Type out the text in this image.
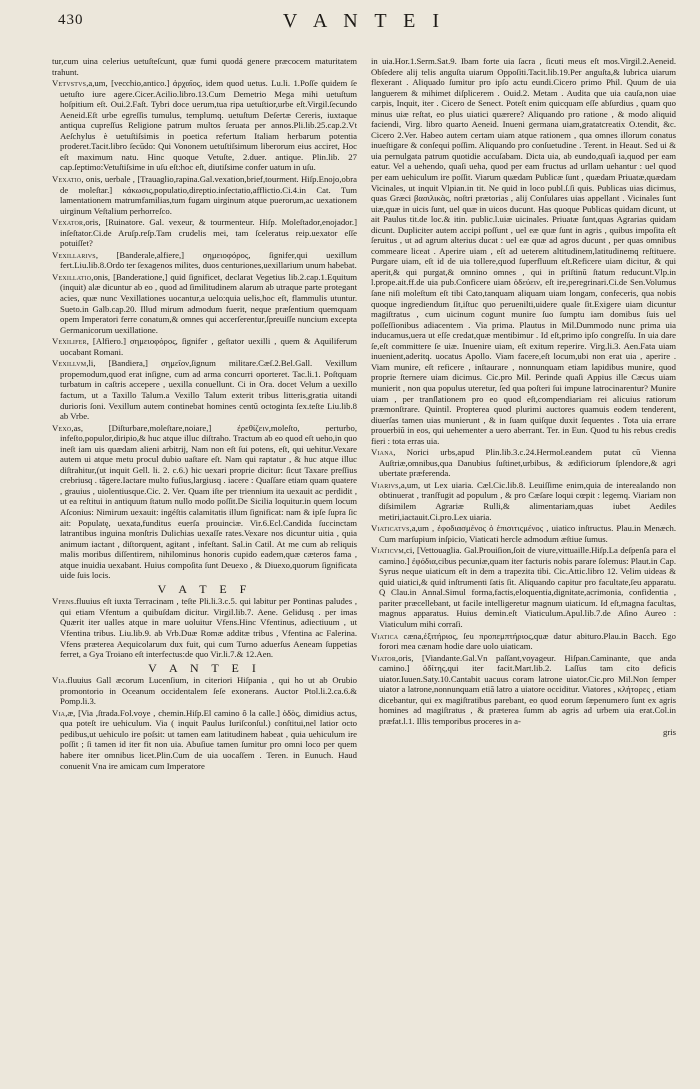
430	V A N T E I

tur,cum uina celerius uetuſteſcunt, quæ fumi quodá genere præcocem maturitatem trahunt.

Vetvstvs,a,um, [vecchio,antico.] ἀρχαῖος, idem quod uetus. Lu.li. 1.Poſſe quidem ſe uetuſto iure agere.Cicer.Acilio.libro.13.Cum Demetrio Mega mihi uetuſtum hoſpitium eſt. Oui.2.Faſt. Tybri doce uerum,tua ripa uetuſtior,urbe eſt.Virgil.ſecundo Aeneid.Eſt urbe egreſſis tumulus, templumq. uetuſtum Deſertæ Cereris, iuxtaque antiqua cupreſſus Religione patrum multos ſeruata per annos.Pli.lib.25.cap.2.Vt Aeſchylus è uetuſtiſsimis in poetica refertum Italiam herbarum potentia proderet.Tacit.libro ſecūdo: Qui Vononem uetuſtiſsimum liberorum eius acciret, Hoc eſt maximum natu. Hinc quoque Vetuſte, 2.duer. antique. Plin.lib. 27 cap.ſeptimo:Vetuſtiſsime in uſu eſt:hoc eſt, diutiſsime confer uatum in uſu.

Vexatio, onis, uerbale , [Trauaglio,rapina.Gal.vexation,brief,tourment. Hiſp.Enojo,obra de moleſtar.] κάκωσις,populatio,direptio.inſectatio,afflictio.Ci.4.in Cat. Tum lamentationem matrumfamilias,tum fugam uirginum atque puerorum,ac uexationem uirginum Veſtalium perhorreſco.

Vexator,oris, [Ruinatore. Gal. vexeur, & tourmenteur. Hiſp. Moleſtador,enojador.] inſeſtator.Ci.de Aruſp.reſp.Tam crudelis mei, tam ſceleratus reip.uexator eſſe potuiſſet?

Vexillarivs, [Banderale,alfiere,] σημειοφόρος, ſignifer,qui uexillum fert.Liu.lib.8.Ordo ter ſexagenos milites, duos centuriones,uexillarium unum habebat.

Vexillatio,onis, [Banderatione,] quid ſignificet, declarat Vegetius lib.2.cap.1.Equitum (inquit) alæ dicuntur ab eo , quod ad ſimilitudinem alarum ab utraque parte protegant acies, quæ nunc Vexillationes uocantur,a uelo:quia uelis,hoc eſt, flammulis utuntur. Sueto.in Galb.cap.20. Illud mirum admodum fuerit, neque præſentium quemquam opem Imperatori ferre conatum,& omnes qui accerſerentur,ſpreuiſſe nuncium excepta Germanicorum uexillatione.

Vexilifer, [Alfiero.] σημειοφόρος, ſignifer , geſtator uexilli , quem & Aquiliferum uocabant Romani.

Vexillvm,li, [Bandiera,] σημεῖον,ſignum militare.Cæſ.2.Bel.Gall. Vexillum propemodum,quod erat inſigne, cum ad arma concurri oporteret. Tac.li.1. Poſtquam turbatum in caſtris accepere , uexilla conuellunt. Ci in Ora. docet Velum a uexillo factum, ut a Taxillo Talum.a Vexillo Talum exterit tribus litteris,gratia uitandi durioris ſoni. Vexillum autem continebat homines centū octoginta ſex.teſte Liu.lib.8 ab Vrbe.

Vexo,as, [Diſturbare,moleſtare,noiare,] ἐρεθίζειν,moleſto, perturbo, infeſto,populor,diripio,& huc atque illuc diſtraho. Tractum ab eo quod eſt ueho,in quo ineſt iam uis quædam alieni arbitrij, Nam non eſt ſui potens, eſt, qui uehitur.Vexare autem ui atque metu procul dubio uaſtare eſt. Nam qui raptatur , & huc atque illuc diſtrahitur,(ut inquit Gell. li. 2. c.6.) hic uexari proprie dicitur: ſicut Taxare preſſius crebriusq . tāgere.Iactare multo fuſius,largiusq . iacere : Quaſſare etiam quam quatere , grauius , uiolentiusque.Cic. 2. Ver. Quam iſte per triennium ita uexauit ac perdidit , ut ea reſtitui in antiquum ſtatum nullo modo poſſit.De Sicilia loquitur.in quem locum Aſconius: Nimirum uexauit: ingéſtis calamitatis illum ſignificat: nam & ipſe ſupra ſic ait: Populatę, uexata,funditus euerſa prouinciæ. Vir.6.Ecl.Candida ſuccinctam latrantibus inguina monſtris Dulichias uexaſſe rates.Vexare nos dicuntur uitia , quia animum iactant , diſtorquent, agitant , infeſtant. Sal.in Catil. At me cum ab reliquis malis moribus diſſentirem, nihilominus honoris cupido eadem,quæ cæteros fama , atque inuidia uexabant. Huius compoſita ſunt Deuexo , & Diuexo,quorum ſignificata uide ſuis locis.

V A T E F

Vfens.fluuius eſt iuxta Terracinam , teſte Pli.li.3.c.5. qui labitur per Pontinas paludes , qui etiam Vfentum a quibuſdam dicitur. Virgil.lib.7. Aene. Gelidusq . per imas Quærit iter ualles atque in mare uoluitur Vfens.Hinc Vfentinus, adiectiuum , ut Vfentina tribus. Liu.lib.9. ab Vrb.Duæ Romæ additæ tribus , Vfentina ac Falerina. Vfens præterea Aequicolarum dux fuit, qui cum Turno aduerſus Aeneam ſuppetias ferret, a Gya Troiano eſt interfectus:de quo Vir.li.7.& 12.Aen.

V A N T E I

Via.fluuius Gall æcorum Lucenſium, in citeriori Hiſpania , qui ho ut ab Orubio promontorio in Oceanum occidentalem ſeſe exonerans. Auctor Ptol.li.2.ca.6.& Pomp.li.3.

Via,æ, [Via ,ſtrada.Fol.voye , chemin.Hiſp.El camino ô la calle.] ὁδὸς, dimidius actus, qua poteſt ire uehiculum. Via ( inquit Paulus Iuriſconſul.) conſtitui,nel latior octo pedibus,ut uehiculo ire poſsit: ut tamen eam latitudinem habeat , quia uehiculum ire poſſit ; ſi tamen id iter fit non uia. Abuſiue tamen ſumitur pro omni loco per quem habere iter omnibus licet.Plin.Cum de uia uocaſſem . Teren. in Eunuch. Haud conuenit Vna ire amicam cum Imperatore

in uia.Hor.1.Serm.Sat.9. Ibam forte uia ſacra , ſicuti meus eſt mos.Virgil.2.Aeneid. Obſedere alij telis anguſta uiarum Oppoſiti.Tacit.lib.19.Per anguſta,& lubrica uiarum flexerant . Aliquado ſumitur pro ipſo actu eundi.Cicero primo Phil. Quum de uia languerem & mihimet diſplicerem . Ouid.2. Metam . Audita que uia cauſa,non uiae carpis, Inquit, iter . Cicero de Senect. Poteſt enim quicquam eſſe abſurdius , quam quo minus uiæ reſtat, eo plus uiatici quærere? Aliquando pro ratione , & modo aliquid faciendi, Virg. libro quarto Aeneid. Inueni germana uiam,gratatcreatix O.tendit, &c. Cicero 2.Ver. Habeo autem certam uiam atque rationem , qua omnes illorum conatus inueſtigare & conſequi poſſim. Aliquando pro conſuetudine . Terent. in Heaut. Sed ui & uia pernulgata patrum quotidie accuſabam. Dicta uia, ab eundo,quaſi ia,quod per eam eatur. Vel a uehendo, quaſi ueha, quod per eam fructus ad urllam uehantur : uel quod per eam uehiculum ire poſſit. Viarum quædam Publicæ ſunt , quædam Priuatæ,quædam Vicinales, ut inquit Vlpian.in tit. Ne quid in loco publ.ſ.ſi quis. Publicas uias dicimus, quas Græci βασιλικὰς, noſtri prætorias , alij Conſulares uias appellant . Vicinales ſunt uiæ,quæ in uicis ſunt, uel quæ in uicos ducunt. Has quoque Publicas quidam dicunt, ut ait Paulus tit.de loc.& itin. public.l.uiæ uicinales. Priuatæ ſunt,quas Agrarias quidam dicunt. Dupliciter autem accipi poſſunt , uel eæ quæ ſunt in agris , quibus impoſita eſt ſeruitus , ut ad agrum alterius ducat : uel eæ quæ ad agros ducunt , per quas omnibus commeare liceat . Aperire uiam , eſt ad ueterem altitudinem,latitudinemq reſtituere. Purgare uiam, eſt id de uia tollere,quod ſuperfluum eſt.Reficere uiam dicitur, & qui aperit,& qui purgat,& omnino omnes , qui in priſtinū ſtatum reducunt.Vlp.in l.prope.ait.ff.de uia pub.Conficere uiam ὁδεύειν, eſt ire,peregrinari.Ci.de Sen.Volumus ſane niſi moleſtum eſt tibi Cato,tanquam aliquam uiam longam, confeceris, qua nobis quoque ingrediendum ſit,iſtuc quo peruenilti,uidere quale ſit.Exigere uiam dicuntur magiſtratus , cum uicinum cogunt munire ſuo ſumptu iam domibus ſuis uel poſſeſſionibus adiacentem . Via prima. Plautus in Mil.Dummodo nunc prima uia inducamus,uera ut eſſe credat,quæ mentibimur . Id eſt,primo ipſo congreſſu. In uia dare ſe,eſt committere ſe uiæ. Inuenire uiam, eſt exitum reperire. Virg.li.3. Aen.Fata uiam inuenient,aderitq. uocatus Apollo. Viam facere,eſt locum,ubi non erat uia , aperire . Viam munire, eſt reficere , inſtaurare , nonnunquam etiam lapidibus munire, quod proprie ſternere uiam dicimus. Cic.pro Mil. Perinde quaſi Appius ille Cæcus uiam munierit , non qua populus uteretur, ſed qua poſteri ſui impune latrocinarentur? Munire uiam , per tranſlationem pro eo quod eſt,compendiariam rei alicuius ratiorum præmonſtrare. Quintil. Propterea quod plurimi auctores quamuis eodem tenderent, diuerſas tamen uias munierunt , & in ſuam quiſque duxit ſequentes . Tota uia errare prouerbiū in eos, qui uehementer a uero aberrant. Ter. in Eun. Quod tu his rebus credis fieri : tota erras uia.

Viana, Norici urbs,apud Plin.lib.3.c.24.Hermol.eandem putat cū Vienna Auſtriæ,omnibus,qua Danubius ſuſtinet,urbibus, & ædificiorum ſplendore,& agri ubertate præferenda.

Viarivs,a,um, ut Lex uiaria. Cæl.Cic.lib.8. Leuiſſime enim,quia de interealando non obtinuerat , tranſfugit ad populum , & pro Cæſare loqui cœpit : legemq. Viariam non diſsimilem Agrariæ Rulli,& alimentariam,quas iubet Aediles metiri,iactauit.Ci.pro.Lex uiaria.

Viaticatvs,a,um , ἐφοδιασμένος ὁ ἐπισιτιςμένος , uiatico inſtructus. Plau.in Menæch. Cum marſupium inſpicio, Viaticati hercle admodum æſtiue ſumus.

Viaticvm,ci, [Vettouaglia. Gal.Prouiſion,ſoit de viure,vittuaille.Hiſp.La deſpenſa para el camino.] ἐφόδια,cibus pecuniæ,quam iter facturis nobis parare ſolemus: Plaut.in Cap. Syrus neque uiaticum eſt in dem a trapezita tibi. Cic.Attic.libro 12. Velim uideas & quid uiatici,& quid inſtrumenti ſatis ſit. Aliquando capitur pro facultate,ſeu apparatu. Q Clau.in Annal.Simul forma,factis,eloquentia,dignitate,acrimonia, confidentia , pariter præcellebant, ut facile intelligeretur magnum uiaticum. Id eſt,magna facultas, magnus apparatus. Huius demin.eſt Viaticulum.Apul.lib.7.de Aſino Aureo : Viaticulum mihi corraſi.

Viatica cæna,ἐξιτήριος, ſeu προπεμπτήριος,quæ datur abituro.Plau.in Bacch. Ego forori mea cænam hodie dare uolo uiaticam.

Viator,oris, [Viandante.Gal.Vn paſſant,voyageur. Hiſpan.Caminante, que anda camino.] ὁδίτης,qui iter facit.Mart.lib.2. Laſſus tam cito deficis uiator.Iuuen.Saty.10.Cantabit uacuus coram latrone uiator.Cic.pro Mil.Non ſemper uiator a latrone,nonnunquam etiā latro a uiatore occiditur. Viatores , κλήτορες , etiam dicebantur, qui ex magiſtratibus parebant, eo quod eorum ſæpenumero ſunt ex agris homines ad magiſtratus , & præterea ſumm ab agris ad urbem uia erat.Col.in præfat.l.1. Illis temporibus proceres in a-

gris
